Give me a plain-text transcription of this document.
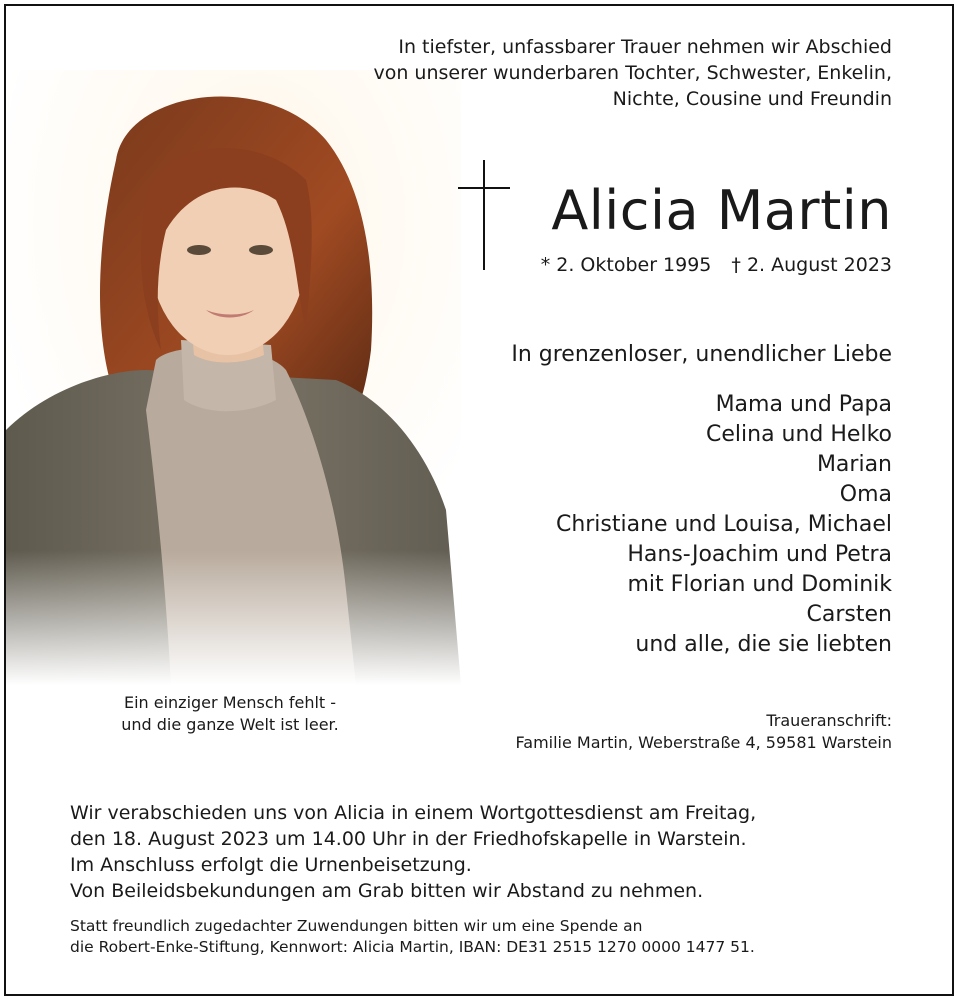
In tiefster, unfassbarer Trauer nehmen wir Abschied
von unserer wunderbaren Tochter, Schwester, Enkelin,
Nichte, Cousine und Freundin
Alicia Martin
* 2. Oktober 1995 † 2. August 2023
In grenzenloser, unendlicher Liebe
Mama und Papa
Celina und Helko
Marian
Oma
Christiane und Louisa, Michael
Hans-Joachim und Petra
mit Florian und Dominik
Carsten
und alle, die sie liebten
Ein einziger Mensch fehlt -
und die ganze Welt ist leer.	Traueranschrift:
Familie Martin, Weberstraße 4, 59581 Warstein
Wir verabschieden uns von Alicia in einem Wortgottesdienst am Freitag,
den 18. August 2023 um 14.00 Uhr in der Friedhofskapelle in Warstein.
Im Anschluss erfolgt die Urnenbeisetzung.
Von Beileidsbekundungen am Grab bitten wir Abstand zu nehmen.
Statt freundlich zugedachter Zuwendungen bitten wir um eine Spende an
die Robert-Enke-Stiftung, Kennwort: Alicia Martin, IBAN: DE31 2515 1270 0000 1477 51.
